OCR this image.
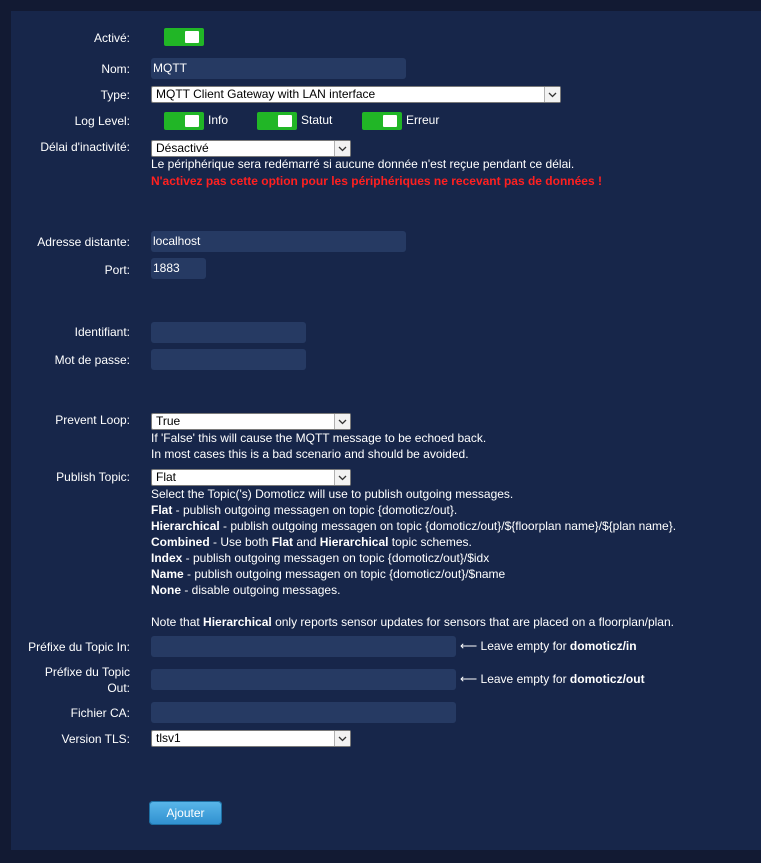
Activé:
Nom: MQTT
Type:	MQTT Client Gateway with LAN interface
Log Level:	Info	Statut	Erreur
Délai d'inactivité:	Désactivé
Le périphérique sera redémarré si aucune donnée n'est reçue pendant ce délai.
N'activez pas cette option pour les périphériques ne recevant pas de données !
Adresse distante: localhost
Port: 1883
Identifiant:
Mot de passe:
Prevent Loop:	True
If 'False' this will cause the MQTT message to be echoed back.
In most cases this is a bad scenario and should be avoided.
Publish Topic:	Flat
Select the Topic('s) Domoticz will use to publish outgoing messages.
Flat - publish outgoing messagen on topic {domoticz/out}.
Hierarchical - publish outgoing messagen on topic {domoticz/out}/${floorplan name}/${plan name}.
Combined - Use both Flat and Hierarchical topic schemes.
Index - publish outgoing messagen on topic {domoticz/out}/$idx
Name - publish outgoing messagen on topic {domoticz/out}/$name
None - disable outgoing messages.
Note that Hierarchical only reports sensor updates for sensors that are placed on a floorplan/plan.
Préfixe du Topic In:	⟵ Leave empty for domoticz/in
Préfixe du Topic
Out:
⟵ Leave empty for domoticz/out
Fichier CA:
Version TLS:	tlsv1
Ajouter
